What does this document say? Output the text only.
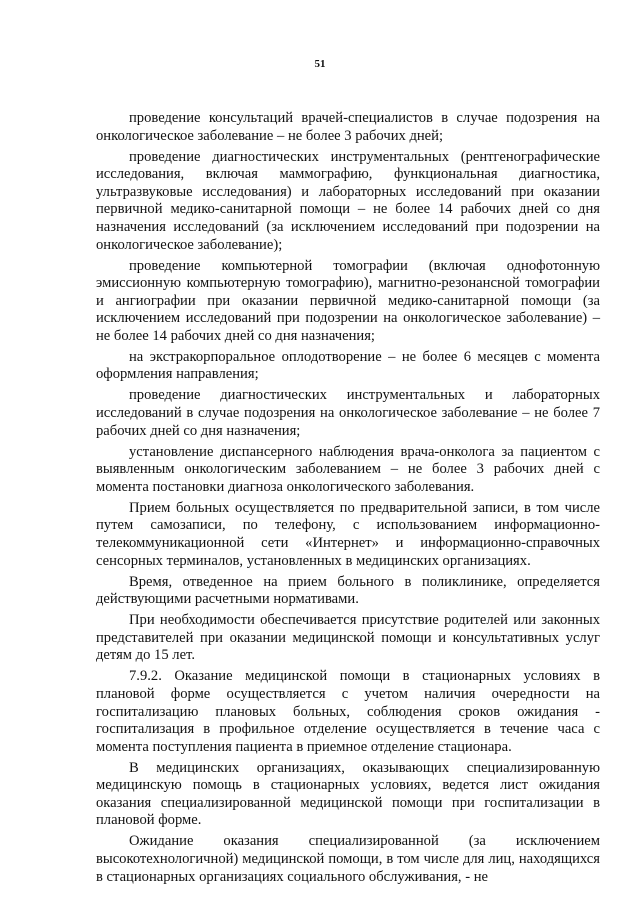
51

проведение консультаций врачей-специалистов в случае подозрения на онкологическое заболевание – не более 3 рабочих дней;

проведение диагностических инструментальных (рентгенографические исследования, включая маммографию, функциональная диагностика, ультразвуковые исследования) и лабораторных исследований при оказании первичной медико-санитарной помощи – не более 14 рабочих дней со дня назначения исследований (за исключением исследований при подозрении на онкологическое заболевание);

проведение компьютерной томографии (включая однофотонную эмиссионную компьютерную томографию), магнитно-резонансной томографии и ангиографии при оказании первичной медико-санитарной помощи (за исключением исследований при подозрении на онкологическое заболевание) – не более 14 рабочих дней со дня назначения;

на экстракорпоральное оплодотворение – не более 6 месяцев с момента оформления направления;

проведение диагностических инструментальных и лабораторных исследований в случае подозрения на онкологическое заболевание – не более 7 рабочих дней со дня назначения;

установление диспансерного наблюдения врача-онколога за пациентом с выявленным онкологическим заболеванием – не более 3 рабочих дней с момента постановки диагноза онкологического заболевания.

Прием больных осуществляется по предварительной записи, в том числе путем самозаписи, по телефону, с использованием информационно-телекоммуникационной сети «Интернет» и информационно-справочных сенсорных терминалов, установленных в медицинских организациях.

Время, отведенное на прием больного в поликлинике, определяется действующими расчетными нормативами.

При необходимости обеспечивается присутствие родителей или законных представителей при оказании медицинской помощи и консультативных услуг детям до 15 лет.

7.9.2. Оказание медицинской помощи в стационарных условиях в плановой форме осуществляется с учетом наличия очередности на госпитализацию плановых больных, соблюдения сроков ожидания - госпитализация в профильное отделение осуществляется в течение часа с момента поступления пациента в приемное отделение стационара.

В медицинских организациях, оказывающих специализированную медицинскую помощь в стационарных условиях, ведется лист ожидания оказания специализированной медицинской помощи при госпитализации в плановой форме.

Ожидание оказания специализированной (за исключением высокотехнологичной) медицинской помощи, в том числе для лиц, находящихся в стационарных организациях социального обслуживания, - не
